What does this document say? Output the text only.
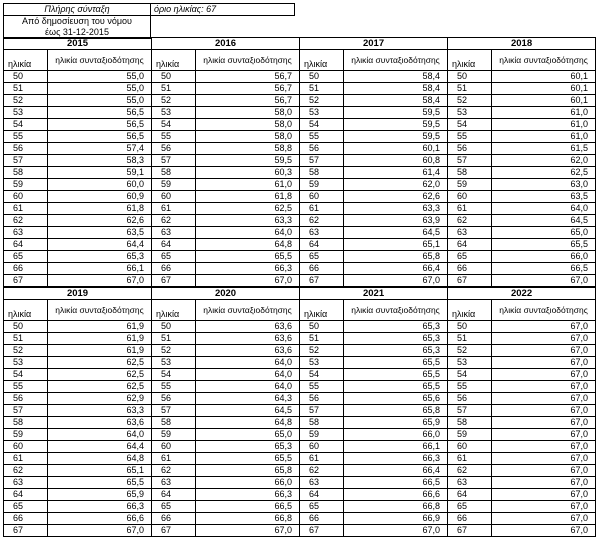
Πλήρης σύνταξη	όριο ηλικίας: 67
Από δημοσίευση του νόμου	
έως 31-12-2015	
2015		2016		2017		2018	
ηλικία	ηλικία συνταξιοδότησης	ηλικία	ηλικία συνταξιοδότησης	ηλικία	ηλικία συνταξιοδότησης	ηλικία	ηλικία συνταξιοδότησης
50	55,0	50	56,7	50	58,4	50	60,1
51	55,0	51	56,7	51	58,4	51	60,1
52	55,0	52	56,7	52	58,4	52	60,1
53	56,5	53	58,0	53	59,5	53	61,0
54	56,5	54	58,0	54	59,5	54	61,0
55	56,5	55	58,0	55	59,5	55	61,0
56	57,4	56	58,8	56	60,1	56	61,5
57	58,3	57	59,5	57	60,8	57	62,0
58	59,1	58	60,3	58	61,4	58	62,5
59	60,0	59	61,0	59	62,0	59	63,0
60	60,9	60	61,8	60	62,6	60	63,5
61	61,8	61	62,5	61	63,3	61	64,0
62	62,6	62	63,3	62	63,9	62	64,5
63	63,5	63	64,0	63	64,5	63	65,0
64	64,4	64	64,8	64	65,1	64	65,5
65	65,3	65	65,5	65	65,8	65	66,0
66	66,1	66	66,3	66	66,4	66	66,5
67	67,0	67	67,0	67	67,0	67	67,0
2019		2020		2021		2022	
ηλικία	ηλικία συνταξιοδότησης	ηλικία	ηλικία συνταξιοδότησης	ηλικία	ηλικία συνταξιοδότησης	ηλικία	ηλικία συνταξιοδότησης
50	61,9	50	63,6	50	65,3	50	67,0
51	61,9	51	63,6	51	65,3	51	67,0
52	61,9	52	63,6	52	65,3	52	67,0
53	62,5	53	64,0	53	65,5	53	67,0
54	62,5	54	64,0	54	65,5	54	67,0
55	62,5	55	64,0	55	65,5	55	67,0
56	62,9	56	64,3	56	65,6	56	67,0
57	63,3	57	64,5	57	65,8	57	67,0
58	63,6	58	64,8	58	65,9	58	67,0
59	64,0	59	65,0	59	66,0	59	67,0
60	64,4	60	65,3	60	66,1	60	67,0
61	64,8	61	65,5	61	66,3	61	67,0
62	65,1	62	65,8	62	66,4	62	67,0
63	65,5	63	66,0	63	66,5	63	67,0
64	65,9	64	66,3	64	66,6	64	67,0
65	66,3	65	66,5	65	66,8	65	67,0
66	66,6	66	66,8	66	66,9	66	67,0
67	67,0	67	67,0	67	67,0	67	67,0
